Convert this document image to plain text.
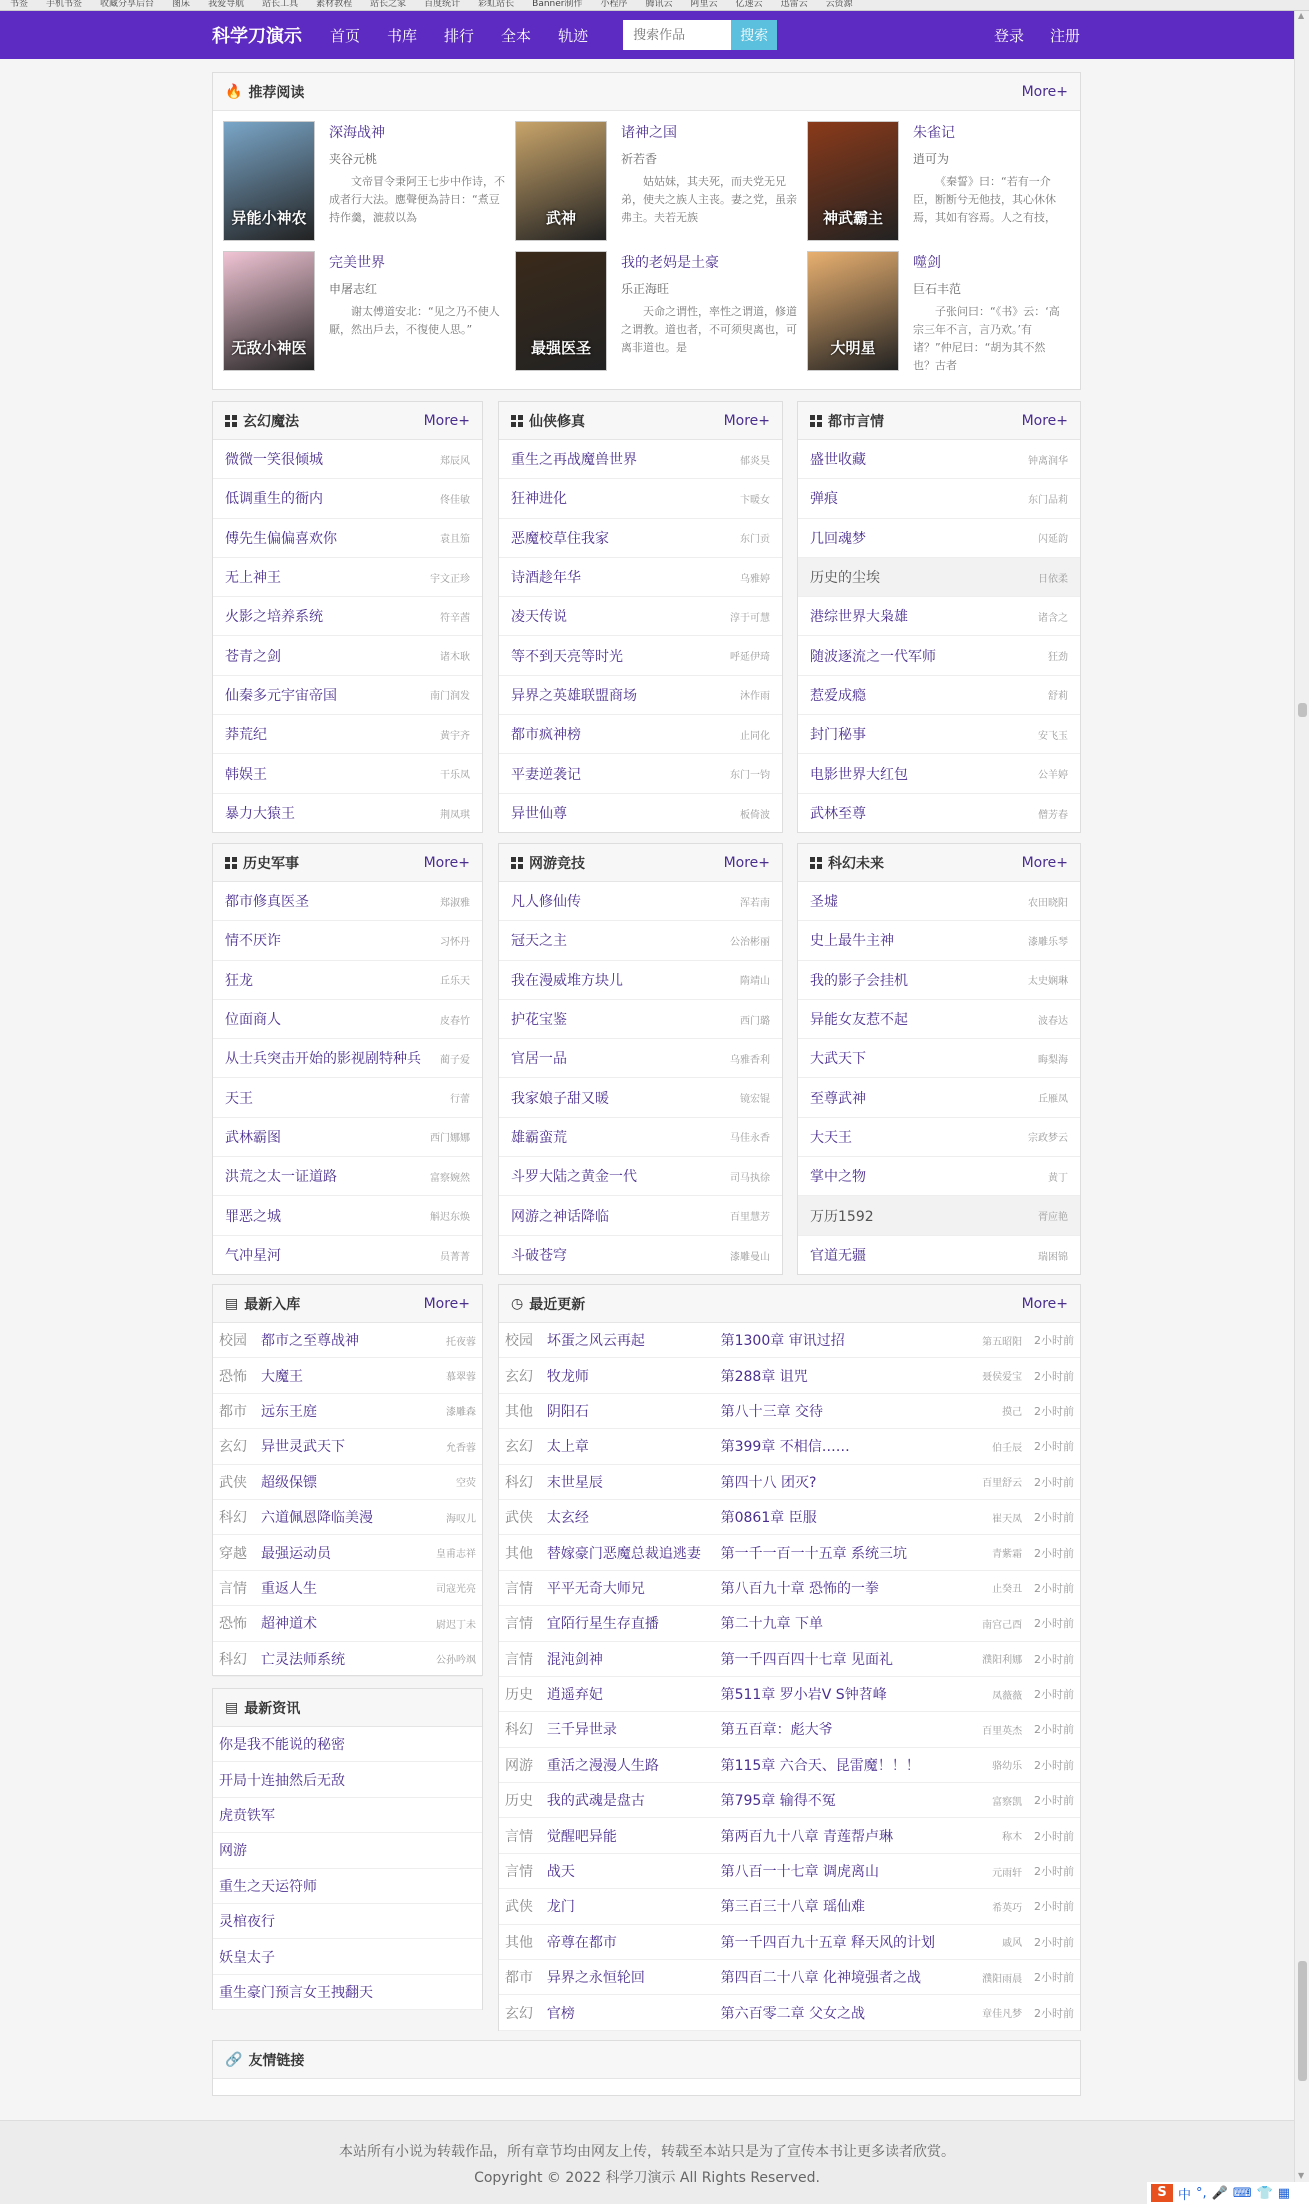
书签 手机书签 收藏分享后台 图床 我爱导航 站长工具 素材教程 站长之家 百度统计 彩虹站长 Banner制作 小程序 腾讯云 阿里云 亿速云 迅雷云 云资源
科学刀演示 首页 书库 排行 全本 轨迹
搜索作品	搜索	登录 注册
▲
▼
🔥 推荐阅读	More+
异能小神农
深海战神
夹谷元桃
文帝冒令秉阿王七步中作诗，不成者行大法。應聲便為詩日：“煮豆持作羹，漉菽以為	武神
诸神之国
祈若香
姑姑妹，其夫死，而夫党无兄弟，使夫之族人主丧。妻之党，虽亲弗主。夫若无族	神武霸主
朱雀记
逍可为
《秦誓》曰：“若有一介臣，断断兮无他技，其心休休焉，其如有容焉。人之有技，
无敌小神医
完美世界
申屠志红
谢太傅道安北：“见之乃不使人厭，然出戶去，不復使人思。”
最强医圣
我的老妈是土豪
乐正海旺
天命之谓性，率性之谓道，修道之谓教。道也者，不可须臾离也，可离非道也。是	大明星
噬剑
巨石丰范
子张问曰：“《书》云：‘高宗三年不言，言乃欢。’有诸？”仲尼曰：“胡为其不然也？古者
玄幻魔法	More+
微微一笑很倾城	郑辰风
低调重生的衙内	佟佳敏
傅先生偏偏喜欢你	袁且笳
无上神王	宇文正珍
火影之培养系统	符辛莤
苍青之剑	诸木耿
仙秦多元宇宙帝国	南门润发
莽荒纪	黄宇齐
韩娱王	干乐凤
暴力大猿王	荆凤琪
仙侠修真	More+
重生之再战魔兽世界	郁炎昊
狂神进化	卞暖女
恶魔校草住我家	东门贡
诗酒趁年华	乌雅婷
凌天传说	淳于可慧
等不到天亮等时光	呼延伊琦
异界之英雄联盟商场	沐作雨
都市疯神榜	止同化
平妻逆袭记	东门一钧
异世仙尊	板倚波
都市言情	More+
盛世收藏	钟离润华
弹痕	东门品莉
几回魂梦	闪延韵
历史的尘埃	日依柔
港综世界大枭雄	诸含之
随波逐流之一代军师	狂劲
惹爱成瘾	舒莉
封门秘事	安飞玉
电影世界大红包	公羊婷
武林至尊	僧芳春
历史军事	More+
都市修真医圣	郑淑雅
情不厌诈	习怀丹
狂龙	丘乐天
位面商人	皮春竹
从士兵突击开始的影视剧特种兵 蔺子爱
天王	行蕾
武林霸图	西门娜娜
洪荒之太一证道路	富察婉然
罪恶之城	斛迟东焕
气冲星河	员菁菁
网游竞技	More+
凡人修仙传	浑若南
冠天之主	公治彬丽
我在漫威堆方块儿	隋靖山
护花宝鉴	西门璐
官居一品	乌雅香利
我家娘子甜又暖	镜宏锟
雄霸蛮荒	马佳永香
斗罗大陆之黄金一代	司马执徐
网游之神话降临	百里慧芳
斗破苍穹	漆雕曼山
科幻未来	More+
圣墟	农田晓阳
史上最牛主神	漆雕乐琴
我的影子会挂机	太史娴琳
异能女友惹不起	波春达
大武天下	晦梨海
至尊武神	丘雁凤
大天王	宗政梦云
掌中之物	黄丁
万历1592	胥应艳
官道无疆	瑞困锦
▤ 最新入库	More+
校园	都市之至尊战神	托夜蓉
恐怖	大魔王	慕翠蓉
都市	远东王庭	漆雕森
玄幻	异世灵武天下	允香蓉
武侠	超级保镖	空荧
科幻	六道佩恩降临美漫	海叹儿
穿越	最强运动员	皇甫志祥
言情	重返人生	司寇光亮
恐怖	超神道术	尉迟丁未
科幻	亡灵法师系统	公孙吟飒
▤ 最新资讯
你是我不能说的秘密
开局十连抽然后无敌
虎贲铁军
网游
重生之天运符师
灵棺夜行
妖皇太子
重生豪门预言女王拽翻天
◷ 最近更新	More+
校园 坏蛋之风云再起	第1300章 审讯过招	第五昭阳	2小时前
玄幻 牧龙师	第288章 诅咒	聂侯爱宝	2小时前
其他 阴阳石	第八十三章 交待	摸己	2小时前
玄幻 太上章	第399章 不相信……	伯壬辰	2小时前
科幻 末世星辰	第四十八 团灭?	百里舒云	2小时前
武侠 太玄经	第0861章 臣服	崔天凤	2小时前
其他 替嫁豪门恶魔总裁追逃妻	第一千一百一十五章 系统三坑	青紫霜	2小时前
言情 平平无奇大师兄	第八百九十章 恐怖的一拳	止癸丑	2小时前
言情 宜陌行星生存直播	第二十九章 下单	南宫己酉	2小时前
言情 混沌剑神	第一千四百四十七章 见面礼	濮阳利娜	2小时前
历史 逍遥弃妃	第511章 罗小岩V S钟苕峰	凤薇薇	2小时前
科幻 三千异世录	第五百章：彪大爷	百里英杰	2小时前
网游 重活之漫漫人生路	第115章 六合天、昆雷魔！！！	骆幼乐	2小时前
历史 我的武魂是盘古	第795章 输得不冤	富察凯	2小时前
言情 觉醒吧异能	第两百九十八章 青莲帮卢琳	称木	2小时前
言情 战天	第八百一十七章 调虎离山	元雨轩	2小时前
武侠 龙门	第三百三十八章 瑶仙难	希英巧	2小时前
其他 帝尊在都市	第一千四百九十五章 释天风的计划	戚风	2小时前
都市 异界之永恒轮回	第四百二十八章 化神境强者之战	濮阳雨晨	2小时前
玄幻 官榜	第六百零二章 父女之战	章佳凡梦	2小时前
🔗 友情链接

本站所有小说为转载作品，所有章节均由网友上传，转载至本站只是为了宣传本书让更多读者欣赏。

Copyright © 2022 科学刀演示 All Rights Reserved.

S 中 °, 🎤 ⌨ 👕 ▦
